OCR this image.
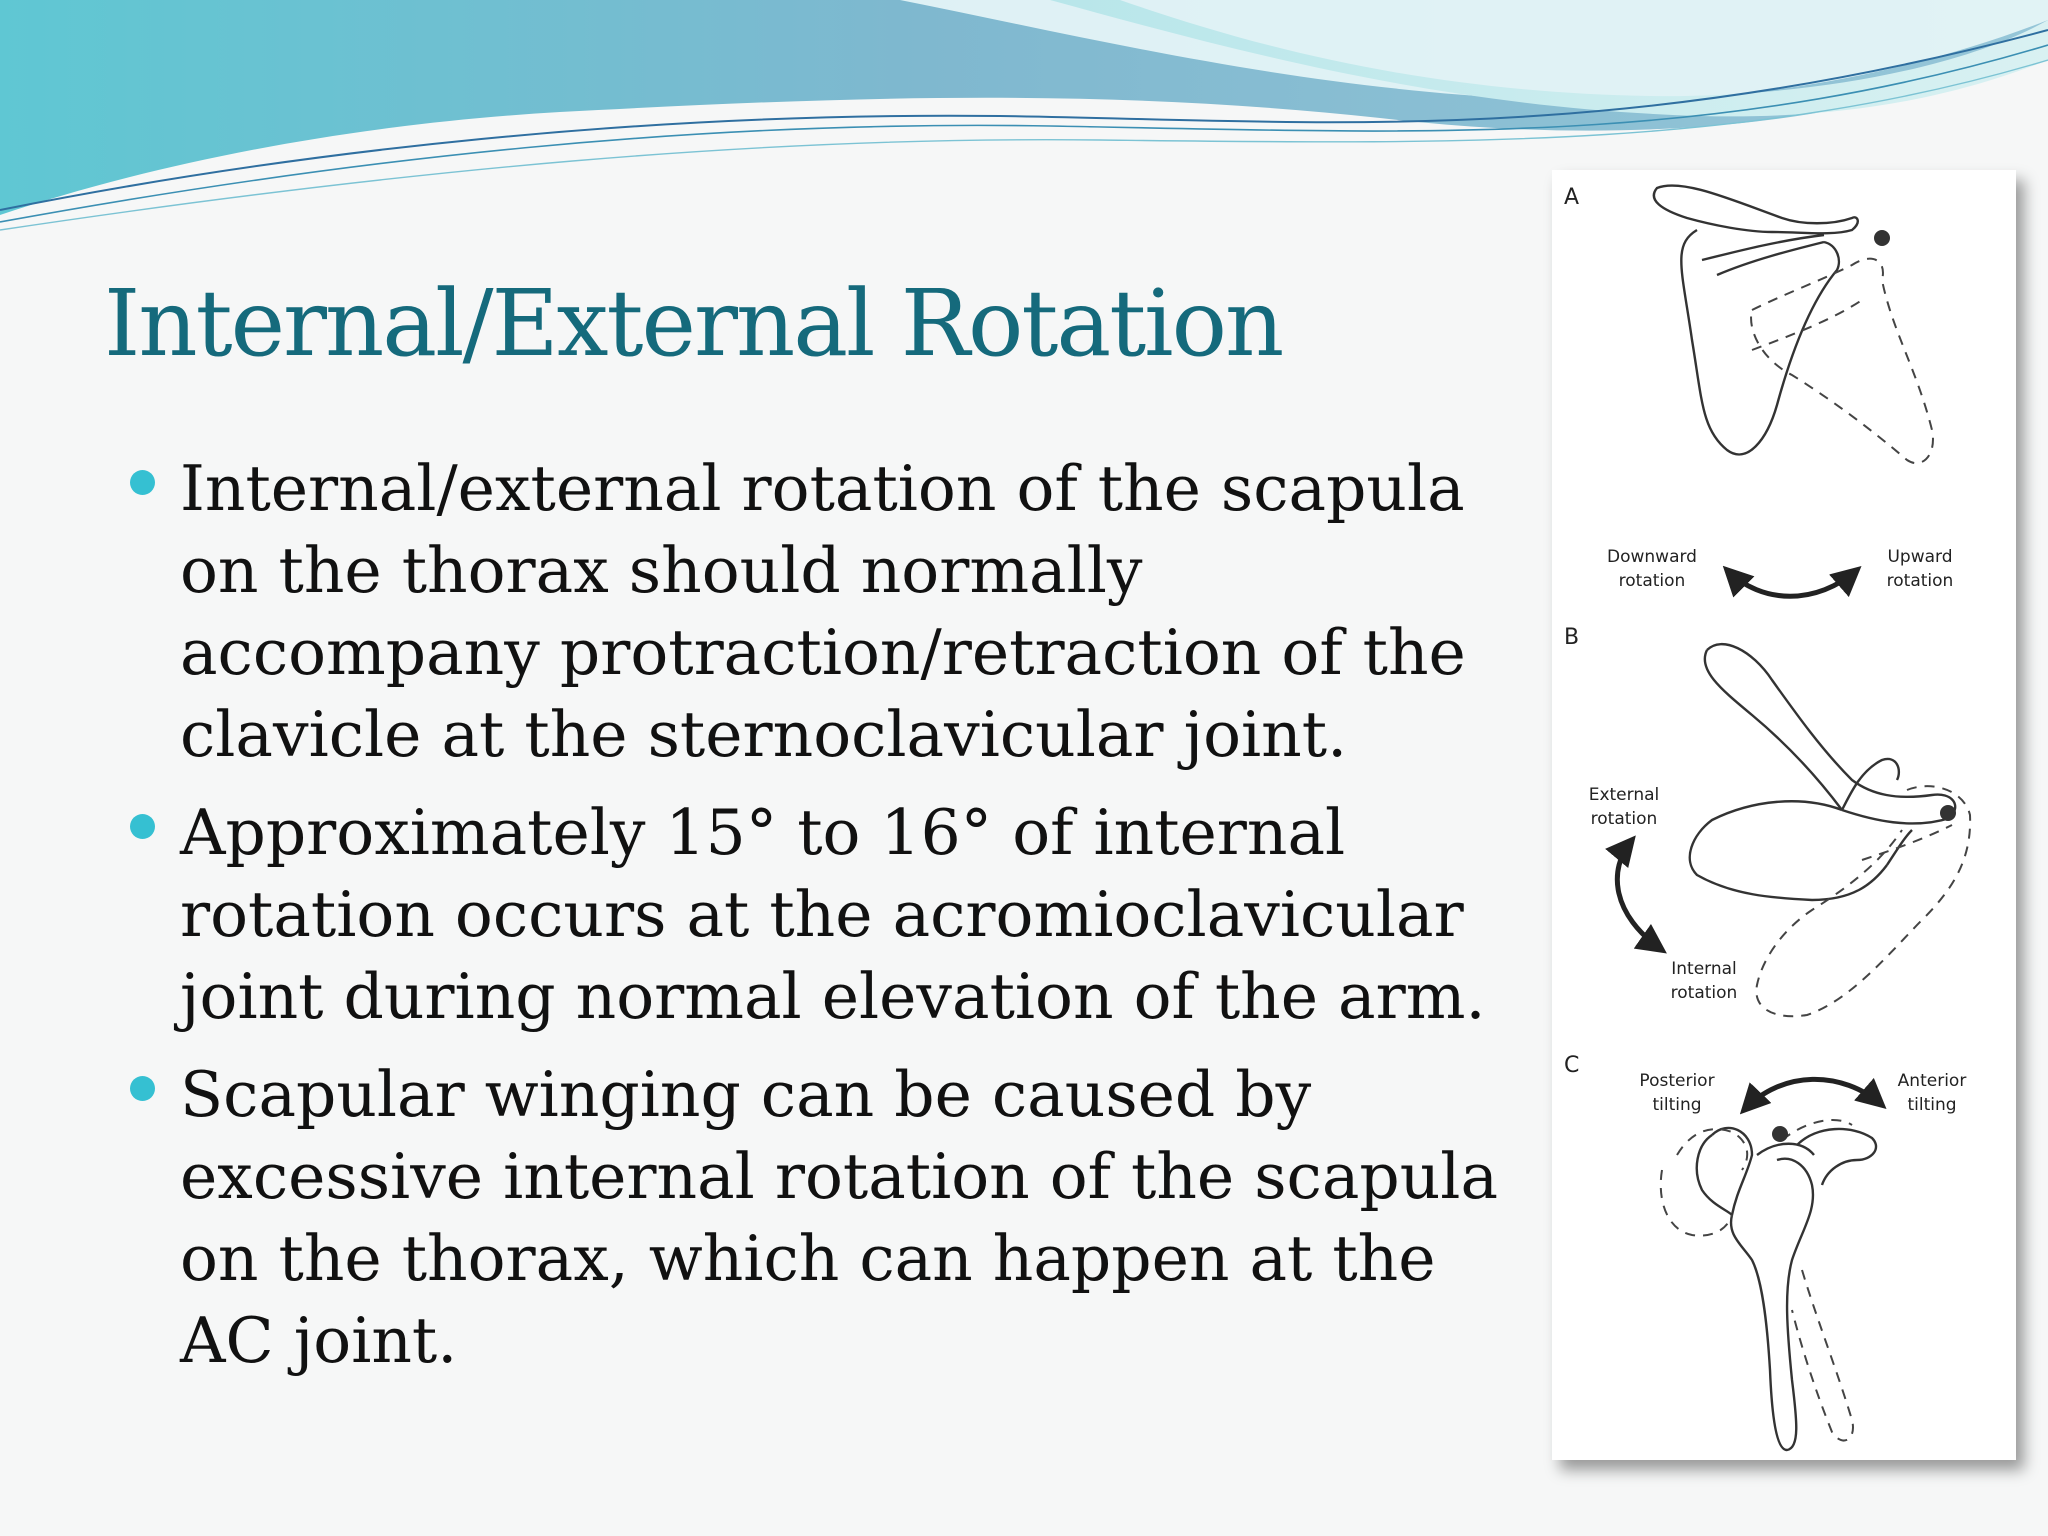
Internal/External Rotation
Internal/external rotation of the scapula on the thorax should normally accompany protraction/retraction of the clavicle at the sternoclavicular joint.
Approximately 15° to 16° of internal rotation occurs at the acromioclavicular joint during normal elevation of the arm.
Scapular winging can be caused by excessive internal rotation of the scapula on the thorax, which can happen at the AC joint.
A
Downward
rotation
Upward
rotation
B
External
rotation
Internal
rotation
C
Posterior
tilting
Anterior
tilting
